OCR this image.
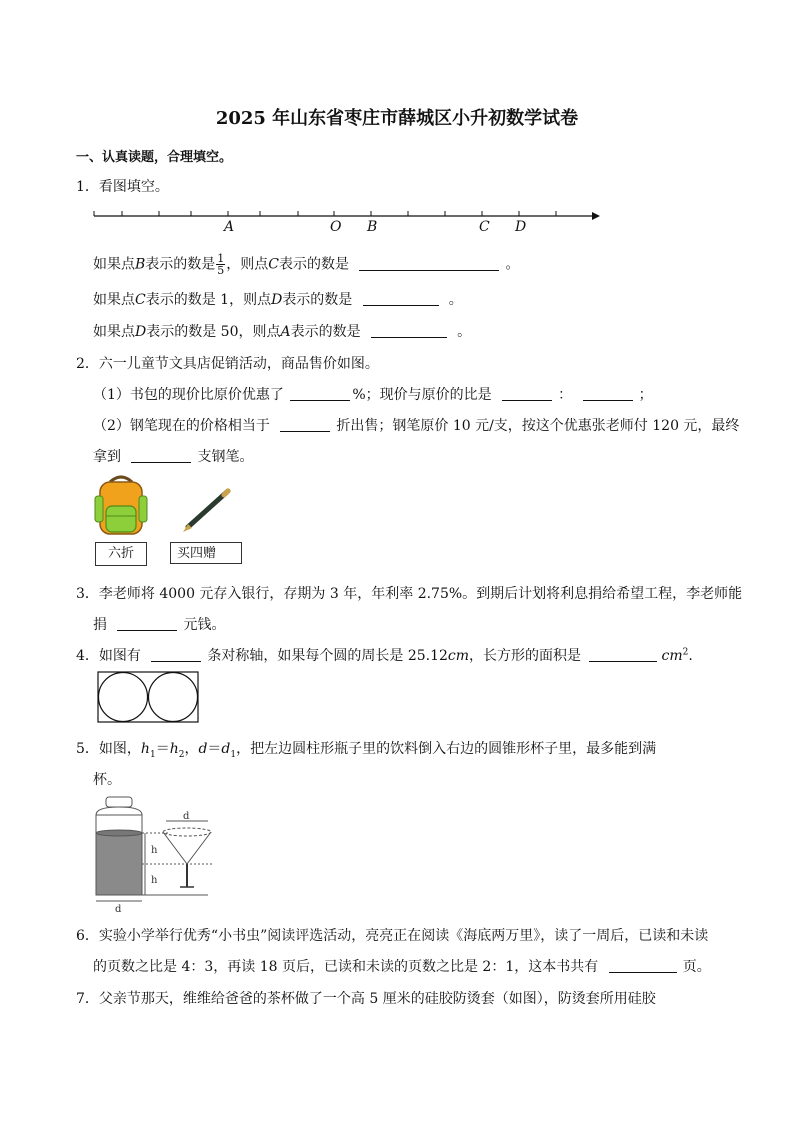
2025 年山东省枣庄市薛城区小升初数学试卷
一、认真读题，合理填空。
1．看图填空。
A	O B	C D
如果点B表示的数是 $\frac{1}{5}$ ，则点C表示的数是	。
如果点C表示的数是 1，则点D表示的数是	。
如果点D表示的数是 50，则点A表示的数是	。
2．六一儿童节文具店促销活动，商品售价如图。
（1）书包的现价比原价优惠了	%；现价与原价的比是	：	；
（2）钢笔现在的价格相当于	折出售；钢笔原价 10 元/支，按这个优惠张老师付 120 元，最终
拿到	支钢笔。
六折	买四赠
3．李老师将 4000 元存入银行，存期为 3 年，年利率 2.75%。到期后计划将利息捐给希望工程，李老师能
捐	元钱。
4．如图有	条对称轴，如果每个圆的周长是 25.12cm，长方形的面积是	$cm^2$.
5．如图，$h_1=h_2$，$d=d_1$，把左边圆柱形瓶子里的饮料倒入右边的圆锥形杯子里，最多能到满
杯。
h
h
d
d
6．实验小学举行优秀“小书虫”阅读评选活动，亮亮正在阅读《海底两万里》，读了一周后，已读和未读
的页数之比是 4：3，再读 18 页后，已读和未读的页数之比是 2：1，这本书共有	页。
7．父亲节那天，维维给爸爸的茶杯做了一个高 5 厘米的硅胶防烫套（如图），防烫套所用硅胶
